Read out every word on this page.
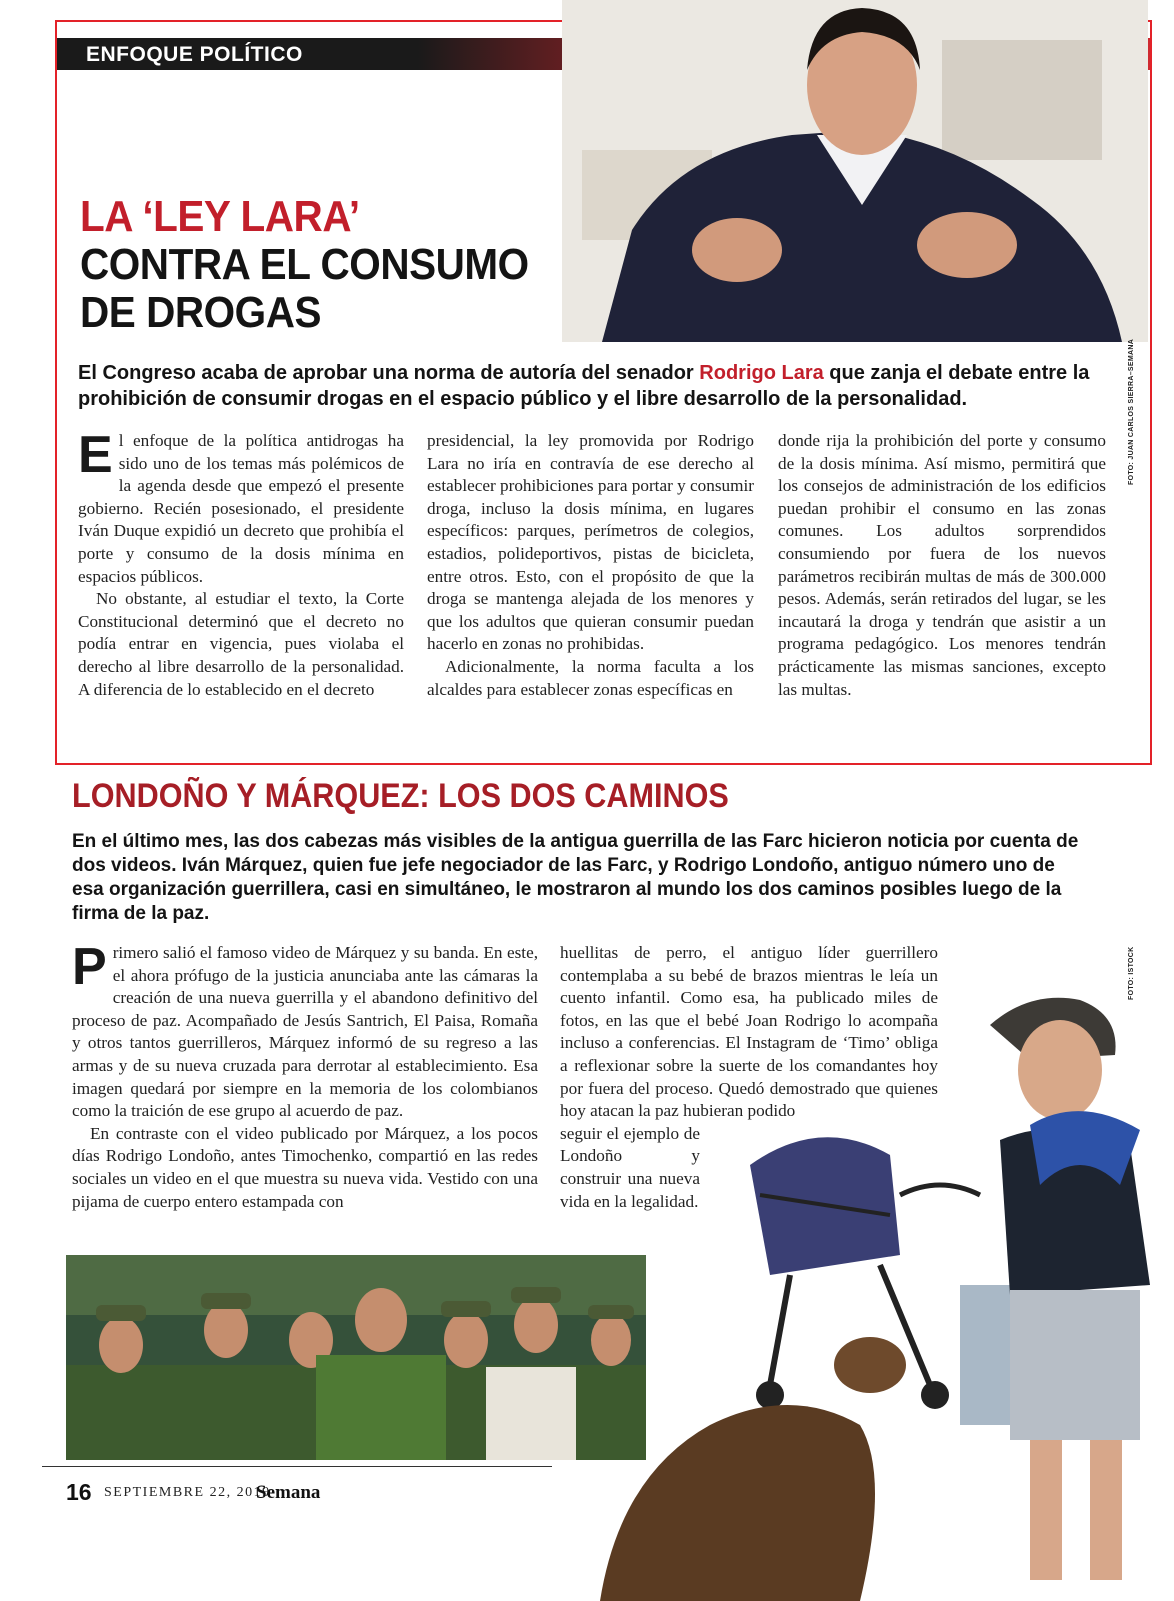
ENFOQUE POLÍTICO
LA ‘LEY LARA’
CONTRA EL CONSUMO
DE DROGAS
El Congreso acaba de aprobar una norma de autoría del senador Rodrigo Lara que zanja el debate entre la prohibición de consumir drogas en el espacio público y el libre desarrollo de la personalidad.	FOTO: JUAN CARLOS SIERRA–SEMANA

El enfoque de la política antidrogas ha sido uno de los temas más polémicos de la agenda desde que empezó el presente gobierno. Recién posesionado, el presidente Iván Duque expidió un decreto que prohibía el porte y consumo de la dosis mínima en espacios públicos.

No obstante, al estudiar el texto, la Corte Constitucional determinó que el decreto no podía entrar en vigencia, pues violaba el derecho al libre desarrollo de la personalidad. A diferencia de lo establecido en el decreto

presidencial, la ley promovida por Rodrigo Lara no iría en contravía de ese derecho al establecer prohibiciones para portar y consumir droga, incluso la dosis mínima, en lugares específicos: parques, perímetros de colegios, estadios, polideportivos, pistas de bicicleta, entre otros. Esto, con el propósito de que la droga se mantenga alejada de los menores y que los adultos que quieran consumir puedan hacerlo en zonas no prohibidas.

Adicionalmente, la norma faculta a los alcaldes para establecer zonas específicas en

donde rija la prohibición del porte y consumo de la dosis mínima. Así mismo, permitirá que los consejos de administración de los edificios puedan prohibir el consumo en las zonas comunes. Los adultos sorprendidos consumiendo por fuera de los nuevos parámetros recibirán multas de más de 300.000 pesos. Además, serán retirados del lugar, se les incautará la droga y tendrán que asistir a un programa pedagógico. Los menores tendrán prácticamente las mismas sanciones, excepto las multas.

LONDOÑO Y MÁRQUEZ: LOS DOS CAMINOS
En el último mes, las dos cabezas más visibles de la antigua guerrilla de las Farc hicieron noticia por cuenta de dos videos. Iván Márquez, quien fue jefe negociador de las Farc, y Rodrigo Londoño, antiguo número uno de esa organización guerrillera, casi en simultáneo, le mostraron al mundo los dos caminos posibles luego de la firma de la paz.
FOTO: ISTOCK

Primero salió el famoso video de Márquez y su banda. En este, el ahora prófugo de la justicia anunciaba ante las cámaras la creación de una nueva guerrilla y el abandono definitivo del proceso de paz. Acompañado de Jesús Santrich, El Paisa, Romaña y otros tantos guerrilleros, Márquez informó de su regreso a las armas y de su nueva cruzada para derrotar al establecimiento. Esa imagen quedará por siempre en la memoria de los colombianos como la traición de ese grupo al acuerdo de paz.

En contraste con el video publicado por Márquez, a los pocos días Rodrigo Londoño, antes Timochenko, compartió en las redes sociales un video en el que muestra su nueva vida. Vestido con una pijama de cuerpo entero estampada con

huellitas de perro, el antiguo líder guerrillero contemplaba a su bebé de brazos mientras le leía un cuento infantil. Como esa, ha publicado miles de fotos, en las que el bebé Joan Rodrigo lo acompaña incluso a conferencias. El Instagram de ‘Timo’ obliga a reflexionar sobre la suerte de los comandantes hoy por fuera del proceso. Quedó demostrado que quienes hoy atacan la paz hubieran podido

seguir el ejemplo de Londoño y construir una nueva vida en la legalidad.

16 SEPTIEMBRE 22, 2019
Semana
